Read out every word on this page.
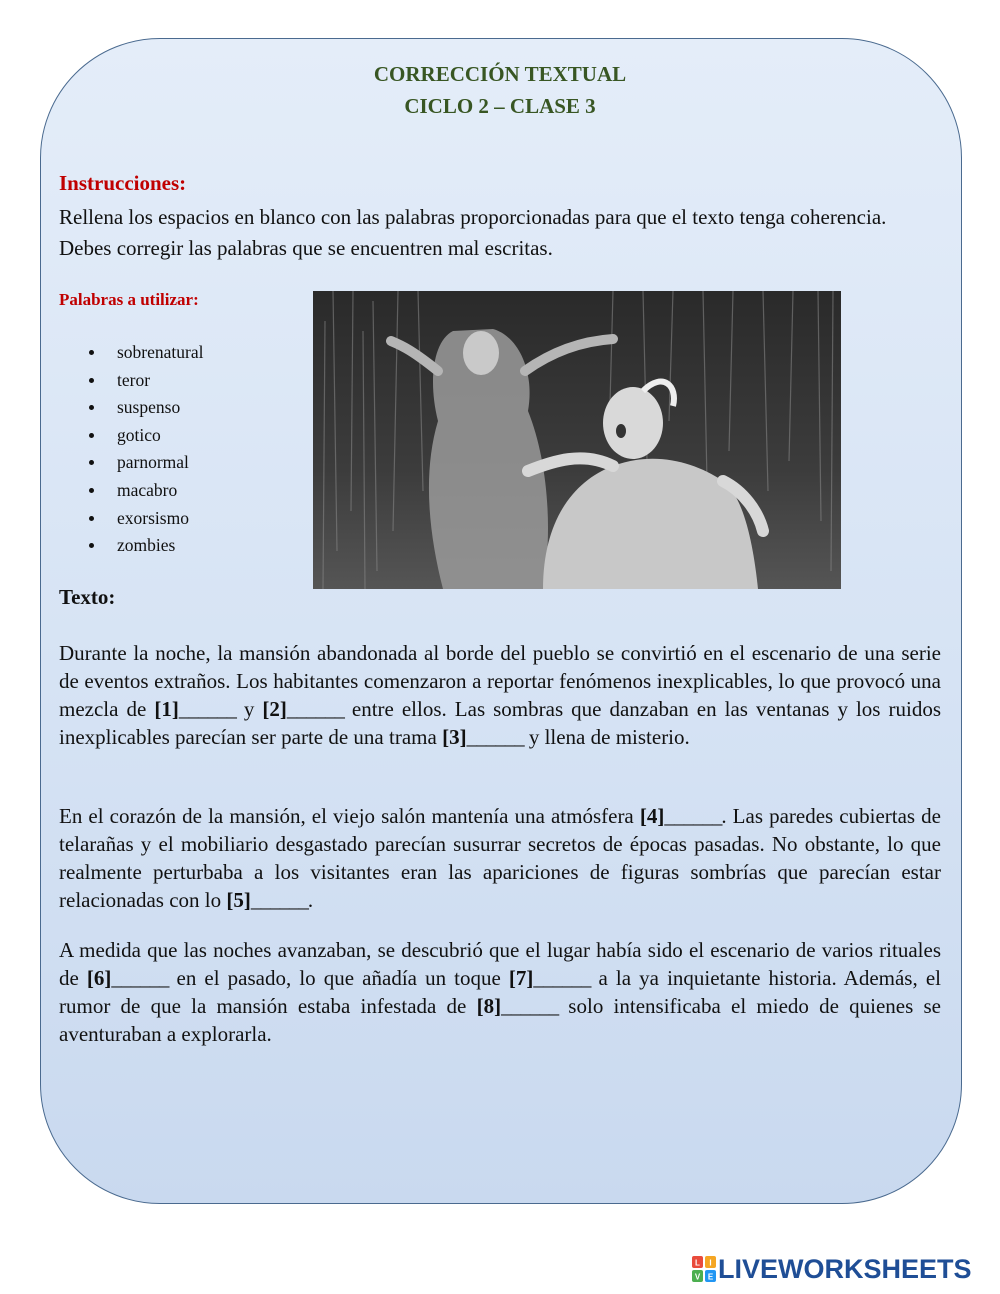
CORRECCIÓN TEXTUAL
CICLO 2 – CLASE 3
Instrucciones:
Rellena los espacios en blanco con las palabras proporcionadas para que el texto tenga coherencia. Debes corregir las palabras que se encuentren mal escritas.
Palabras a utilizar:
sobrenatural
teror
suspenso
gotico
parnormal
macabro
exorsismo
zombies
Texto:
Durante la noche, la mansión abandonada al borde del pueblo se convirtió en el escenario de una serie de eventos extraños. Los habitantes comenzaron a reportar fenómenos inexplicables, lo que provocó una mezcla de [1]______ y [2]______ entre ellos. Las sombras que danzaban en las ventanas y los ruidos inexplicables parecían ser parte de una trama [3]______ y llena de misterio.
En el corazón de la mansión, el viejo salón mantenía una atmósfera [4]______. Las paredes cubiertas de telarañas y el mobiliario desgastado parecían susurrar secretos de épocas pasadas. No obstante, lo que realmente perturbaba a los visitantes eran las apariciones de figuras sombrías que parecían estar relacionadas con lo [5]______.
A medida que las noches avanzaban, se descubrió que el lugar había sido el escenario de varios rituales de [6]______ en el pasado, lo que añadía un toque [7]______ a la ya inquietante historia. Además, el rumor de que la mansión estaba infestada de [8]______ solo intensificaba el miedo de quienes se aventuraban a explorarla.
L I
V E LIVEWORKSHEETS
